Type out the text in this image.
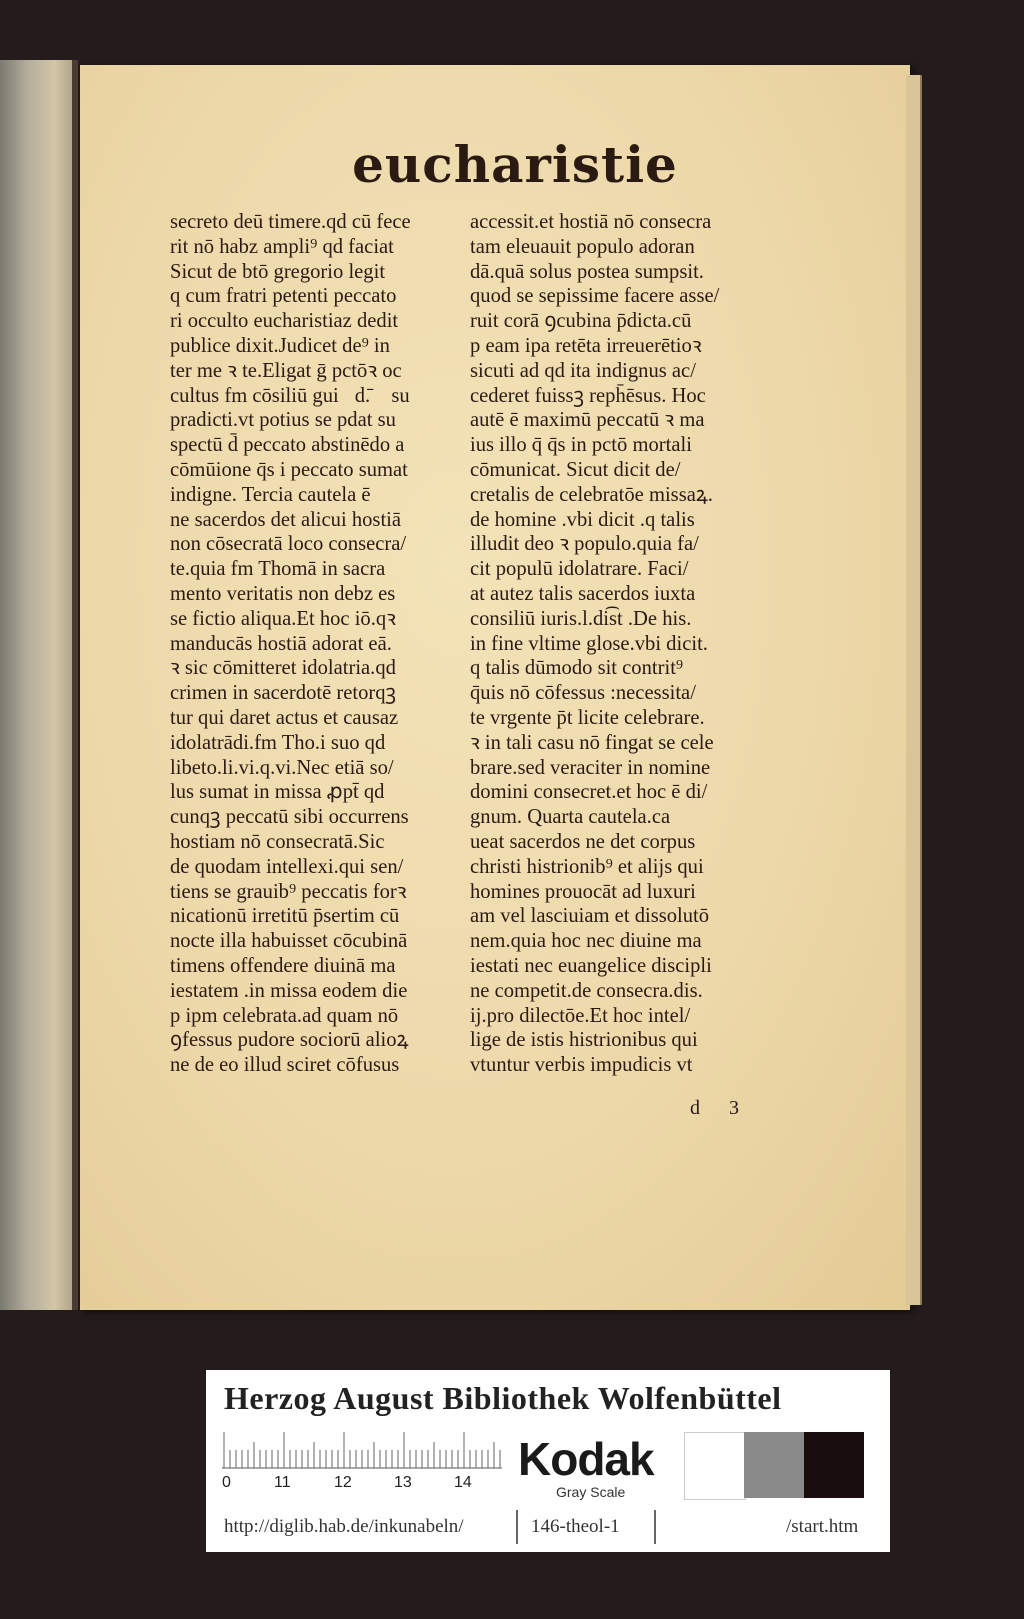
eucharistie
secreto deū timere.qd cū fece
rit nō habz ampli⁹ qd faciat
Sicut de btō gregorio legit
q cum fratri petenti peccato
ri occulto eucharistiaz dedit
publice dixit.Judicet de⁹ in
ter me ꝛ te.Eligat ḡ pctōꝛ oc
cultus fm cōsiliū gui᷑d.̄ꝫ su
pradicti.vt potius se pdat su
spectū d̄ peccato abstinēdo a
cōmūione q̄s i peccato sumat
indigne. Tercia cautela ē
ne sacerdos det alicui hostiā
non cōsecratā loco consecra/
te.quia fm Thomā in sacra
mento veritatis non debz es
se fictio aliqua.Et hoc iō.qꝛ
manducās hostiā adorat eā.
ꝛ sic cōmitteret idolatria.qd
crimen in sacerdotē retorqꝫ
tur qui daret actus et causaz
idolatrādi.fm Tho.i suo qd
libeto.li.vi.q.vi.Nec etiā so/
lus sumat in missa ꝓpt̄ qd
cunqꝫ peccatū sibi occurrens
hostiam nō consecratā.Sic
de quodam intellexi.qui sen/
tiens se grauib⁹ peccatis forꝛ
nicationū irretitū p̄sertim cū
nocte illa habuisset cōcubinā
timens offendere diuinā ma
iestatem .in missa eodem die
p ipm celebrata.ad quam nō
ꝯfessus pudore sociorū alioꝝ
ne de eo illud sciret cōfusus
accessit.et hostiā nō consecra
tam eleuauit populo adoran
dā.quā solus postea sumpsit.
quod se sepissime facere asse/
ruit corā ꝯcubina p̄dicta.cū
p eam ipa retēta irreuerētioꝛ
sicuti ad qd ita indignus ac/
cederet fuissꝫ reph̄ēsus. Hoc
autē ē maximū peccatū ꝛ ma
ius illo q̄ q̄s in pctō mortali
cōmunicat. Sicut dicit de/
cretalis de celebratōe missaꝝ.
de homine .vbi dicit .q talis
illudit deo ꝛ populo.quia fa/
cit populū idolatrare. Faci/
at autez talis sacerdos iuxta
consiliū iuris.l.di͡st .De his.
in fine vltime glose.vbi dicit.
q talis dūmodo sit contrit⁹
q̄uis nō cōfessus :necessita/
te vrgente p̄t licite celebrare.
ꝛ in tali casu nō fingat se cele
brare.sed veraciter in nomine
domini consecret.et hoc ē di/
gnum. Quarta cautela.ca
ueat sacerdos ne det corpus
christi histrionib⁹ et alijs qui
homines prouocāt ad luxuri
am vel lasciuiam et dissolutō
nem.quia hoc nec diuine ma
iestati nec euangelice discipli
ne competit.de consecra.dis.
ij.pro dilectōe.Et hoc intel/
lige de istis histrionibus qui
vtuntur verbis impudicis vt
d 3
Herzog August Bibliothek Wolfenbüttel
0	11	12	13	14 Kodak
Gray Scale
http://diglib.hab.de/inkunabeln/	146-theol-1	/start.htm
